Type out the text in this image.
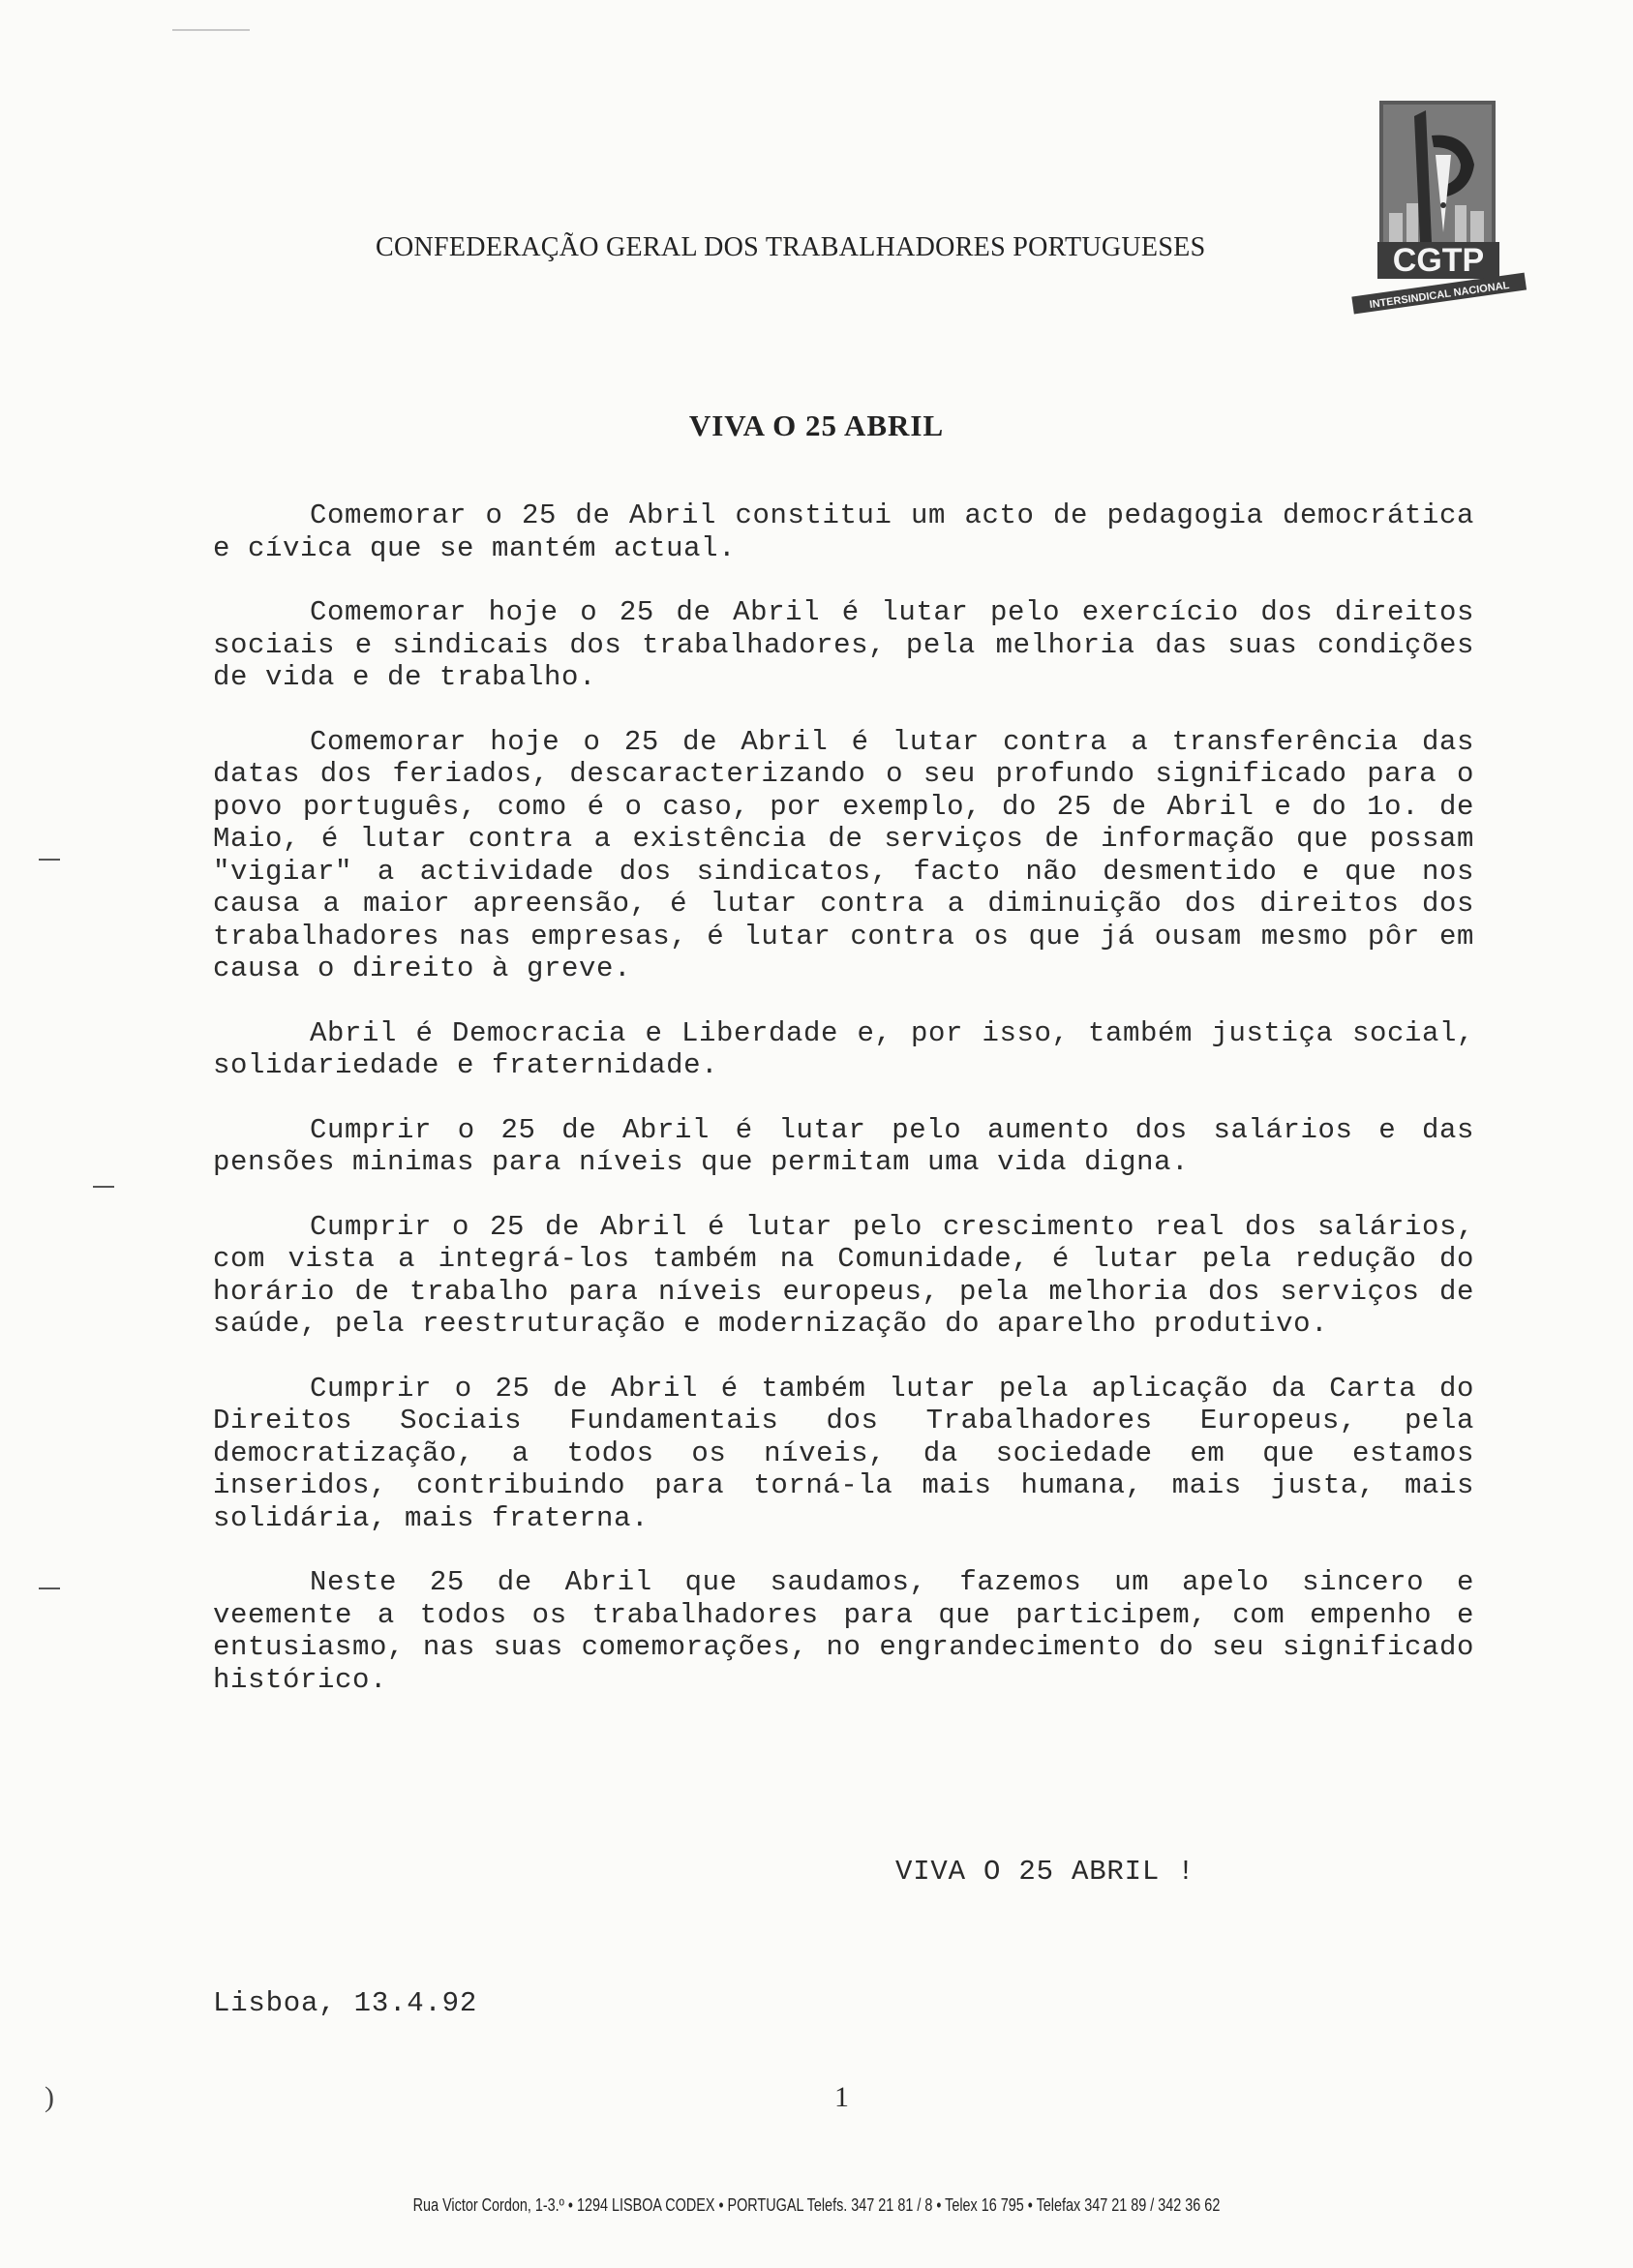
CONFEDERAÇÃO GERAL DOS TRABALHADORES PORTUGUESES	CGTP
INTERSINDICAL NACIONAL
VIVA O 25 ABRIL

Comemorar o 25 de Abril constitui um acto de pedagogia democrática e cívica que se mantém actual.

Comemorar hoje o 25 de Abril é lutar pelo exercício dos direitos sociais e sindicais dos trabalhadores, pela melhoria das suas condições de vida e de trabalho.

Comemorar hoje o 25 de Abril é lutar contra a transferência das datas dos feriados, descaracterizando o seu profundo significado para o povo português, como é o caso, por exemplo, do 25 de Abril e do 1o. de Maio, é lutar contra a existência de serviços de informação que possam "vigiar" a actividade dos sindicatos, facto não desmentido e que nos causa a maior apreensão, é lutar contra a diminuição dos direitos dos trabalhadores nas empresas, é lutar contra os que já ousam mesmo pôr em causa o direito à greve.

Abril é Democracia e Liberdade e, por isso, também justiça social, solidariedade e fraternidade.

Cumprir o 25 de Abril é lutar pelo aumento dos salários e das pensões minimas para níveis que permitam uma vida digna.

Cumprir o 25 de Abril é lutar pelo crescimento real dos salários, com vista a integrá-los também na Comunidade, é lutar pela redução do horário de trabalho para níveis europeus, pela melhoria dos serviços de saúde, pela reestruturação e modernização do aparelho produtivo.

Cumprir o 25 de Abril é também lutar pela aplicação da Carta do Direitos Sociais Fundamentais dos Trabalhadores Europeus, pela democratização, a todos os níveis, da sociedade em que estamos inseridos, contribuindo para torná-la mais humana, mais justa, mais solidária, mais fraterna.

Neste 25 de Abril que saudamos, fazemos um apelo sincero e veemente a todos os trabalhadores para que participem, com empenho e entusiasmo, nas suas comemorações, no engrandecimento do seu significado histórico.

VIVA O 25 ABRIL !
Lisboa, 13.4.92
1
Rua Victor Cordon, 1-3.º • 1294 LISBOA CODEX • PORTUGAL Telefs. 347 21 81 / 8 • Telex 16 795 • Telefax 347 21 89 / 342 36 62
)
